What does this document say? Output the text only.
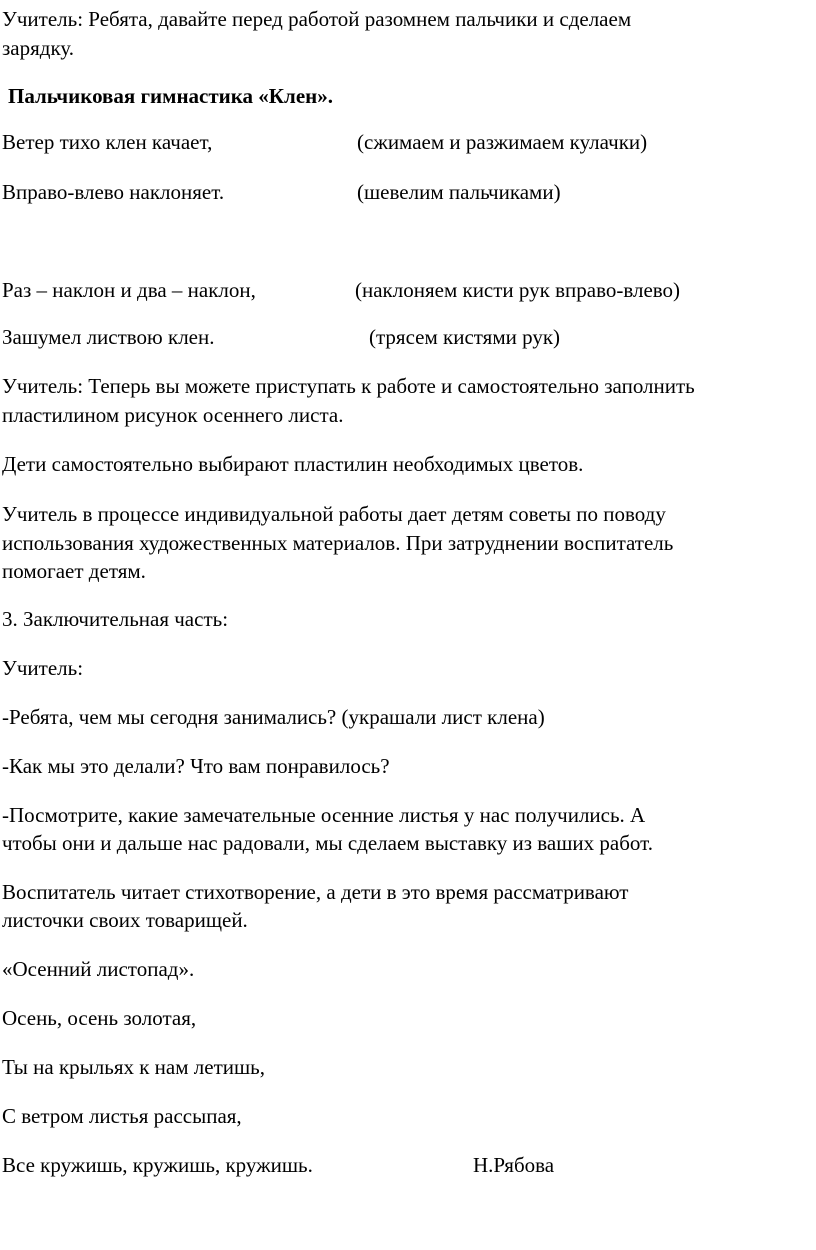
Учитель: Ребята, давайте перед работой разомнем пальчики и сделаем
зарядку.
Пальчиковая гимнастика «Клен».
Ветер тихо клен качает,	(сжимаем и разжимаем кулачки)
Вправо-влево наклоняет.	(шевелим пальчиками)
Раз – наклон и два – наклон,	(наклоняем кисти рук вправо-влево)
Зашумел листвою клен.	(трясем кистями рук)
Учитель: Теперь вы можете приступать к работе и самостоятельно заполнить
пластилином рисунок осеннего листа.
Дети самостоятельно выбирают пластилин необходимых цветов.
Учитель в процессе индивидуальной работы дает детям советы по поводу
использования художественных материалов. При затруднении воспитатель
помогает детям.
3. Заключительная часть:
Учитель:
-Ребята, чем мы сегодня занимались? (украшали лист клена)
-Как мы это делали? Что вам понравилось?
-Посмотрите, какие замечательные осенние листья у нас получились. А
чтобы они и дальше нас радовали, мы сделаем выставку из ваших работ.
Воспитатель читает стихотворение, а дети в это время рассматривают
листочки своих товарищей.
«Осенний листопад».
Осень, осень золотая,
Ты на крыльях к нам летишь,
С ветром листья рассыпая,
Все кружишь, кружишь, кружишь.	Н.Рябова
